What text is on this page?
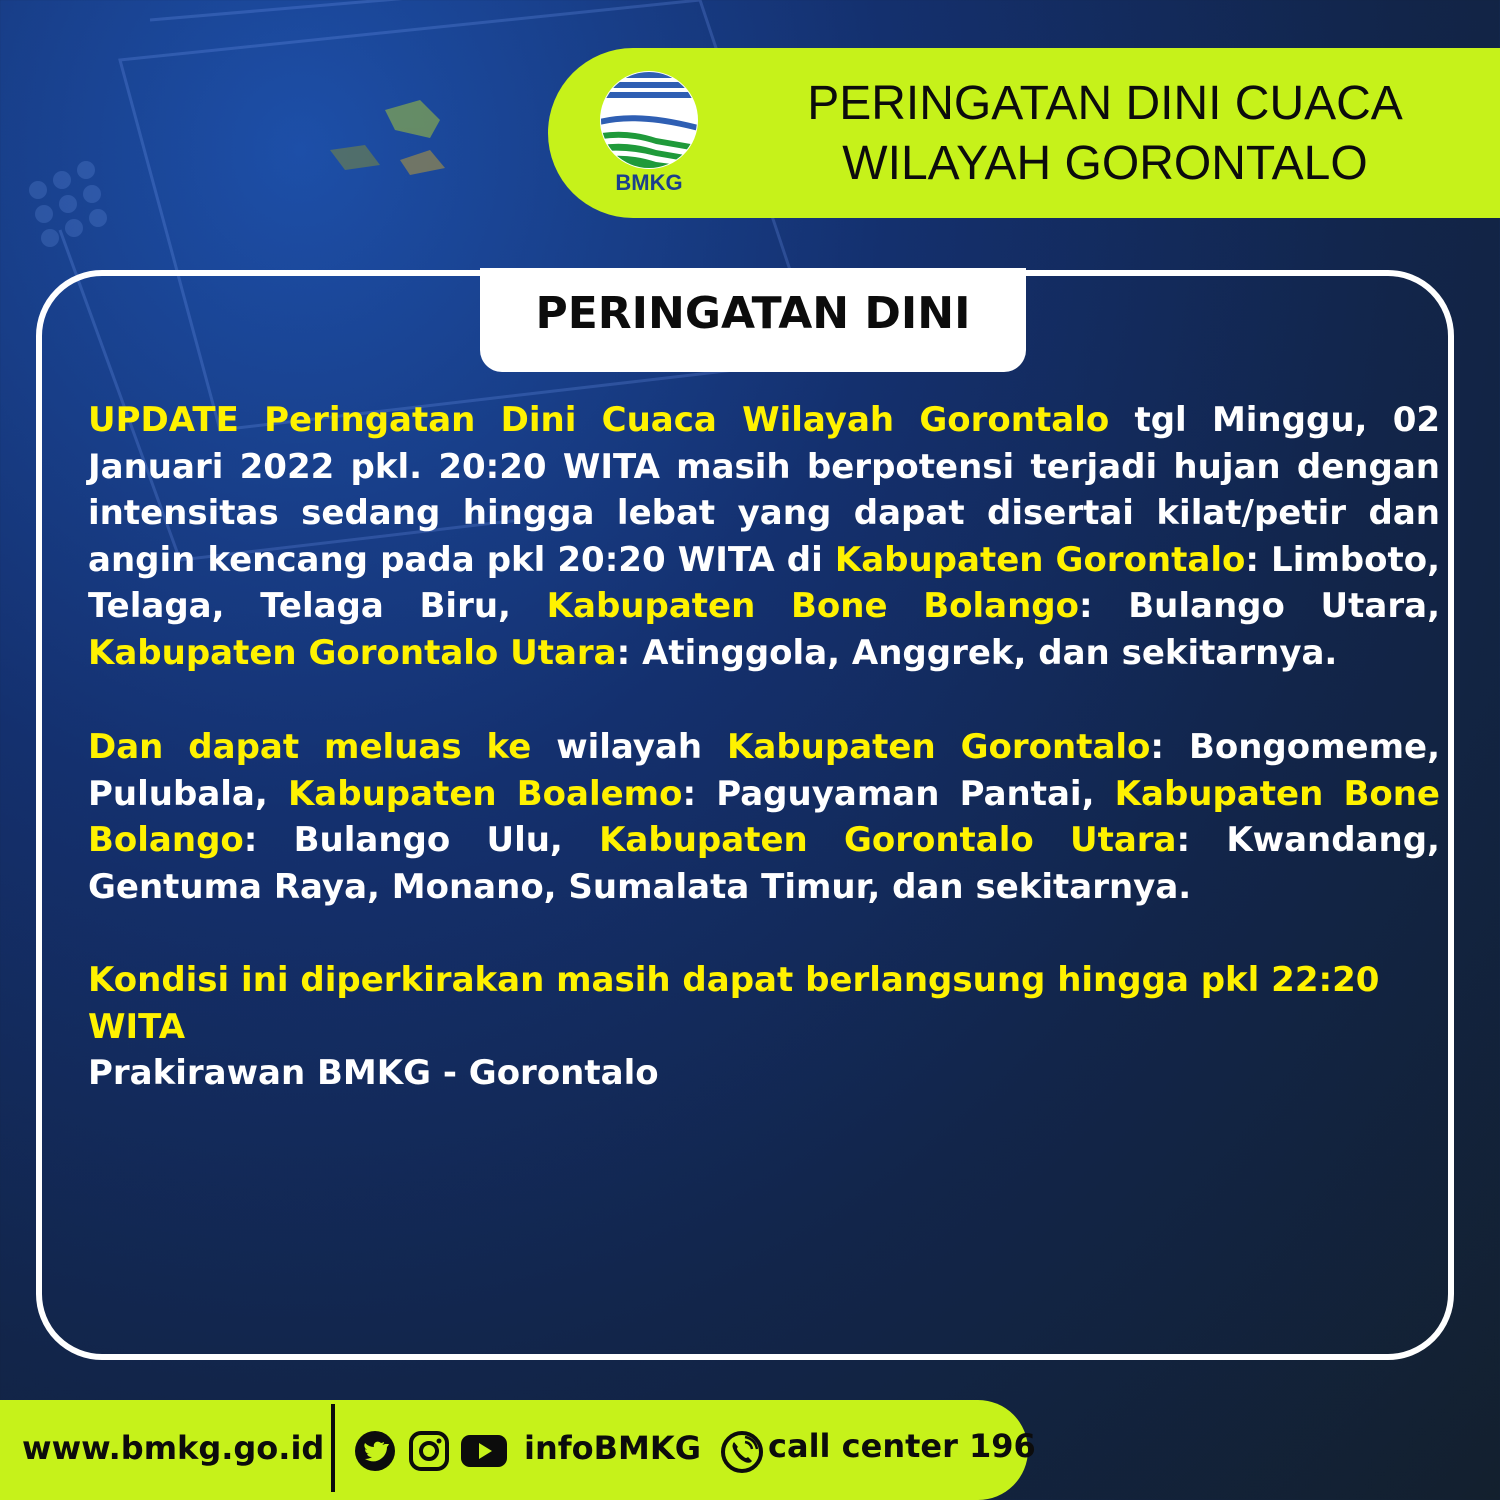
BMKG
PERINGATAN DINI CUACA
WILAYAH GORONTALO
PERINGATAN DINI
UPDATE Peringatan Dini Cuaca Wilayah Gorontalo tgl Minggu, 02 Januari 2022 pkl. 20:20 WITA masih berpotensi terjadi hujan dengan intensitas sedang hingga lebat yang dapat disertai kilat/petir dan angin kencang pada pkl 20:20 WITA di Kabupaten Gorontalo: Limboto, Telaga, Telaga Biru, Kabupaten Bone Bolango: Bulango Utara, Kabupaten Gorontalo Utara: Atinggola, Anggrek, dan sekitarnya.
Dan dapat meluas ke wilayah Kabupaten Gorontalo: Bongomeme, Pulubala, Kabupaten Boalemo: Paguyaman Pantai, Kabupaten Bone Bolango: Bulango Ulu, Kabupaten Gorontalo Utara: Kwandang, Gentuma Raya, Monano, Sumalata Timur, dan sekitarnya.
Kondisi ini diperkirakan masih dapat berlangsung hingga pkl 22:20 WITA
Prakirawan BMKG - Gorontalo
www.bmkg.go.id	infoBMKG call center 196
